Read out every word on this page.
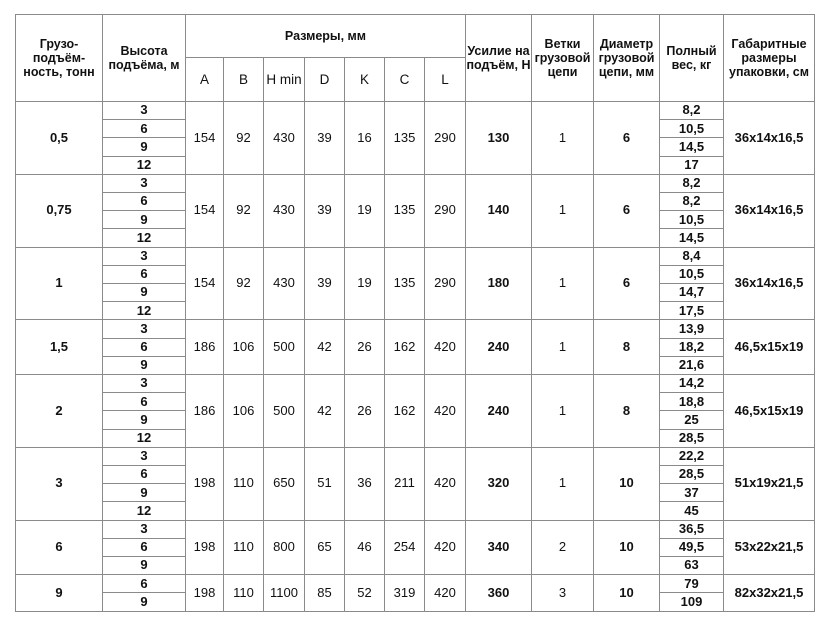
Грузо-подъём-ность, тонн	Высота подъёма, м	Размеры, мм							Усилие на подъём, Н	Ветки грузовой цепи	Диаметр грузовой цепи, мм	Полный вес, кг	Габаритные размеры упаковки, см
		A	B	H min	D	K	C	L					
0,5	3	154	92	430	39	16	135	290	130	1	6	8,2	36x14x16,5
	6											10,5	
	9											14,5	
	12											17	
0,75	3	154	92	430	39	19	135	290	140	1	6	8,2	36x14x16,5
	6											8,2	
	9											10,5	
	12											14,5	
1	3	154	92	430	39	19	135	290	180	1	6	8,4	36x14x16,5
	6											10,5	
	9											14,7	
	12											17,5	
1,5	3	186	106	500	42	26	162	420	240	1	8	13,9	46,5x15x19
	6											18,2	
	9											21,6	
2	3	186	106	500	42	26	162	420	240	1	8	14,2	46,5x15x19
	6											18,8	
	9											25	
	12											28,5	
3	3	198	110	650	51	36	211	420	320	1	10	22,2	51x19x21,5
	6											28,5	
	9											37	
	12											45	
6	3	198	110	800	65	46	254	420	340	2	10	36,5	53x22x21,5
	6											49,5	
	9											63	
9	6	198	110	1100	85	52	319	420	360	3	10	79	82x32x21,5
	9											109	
